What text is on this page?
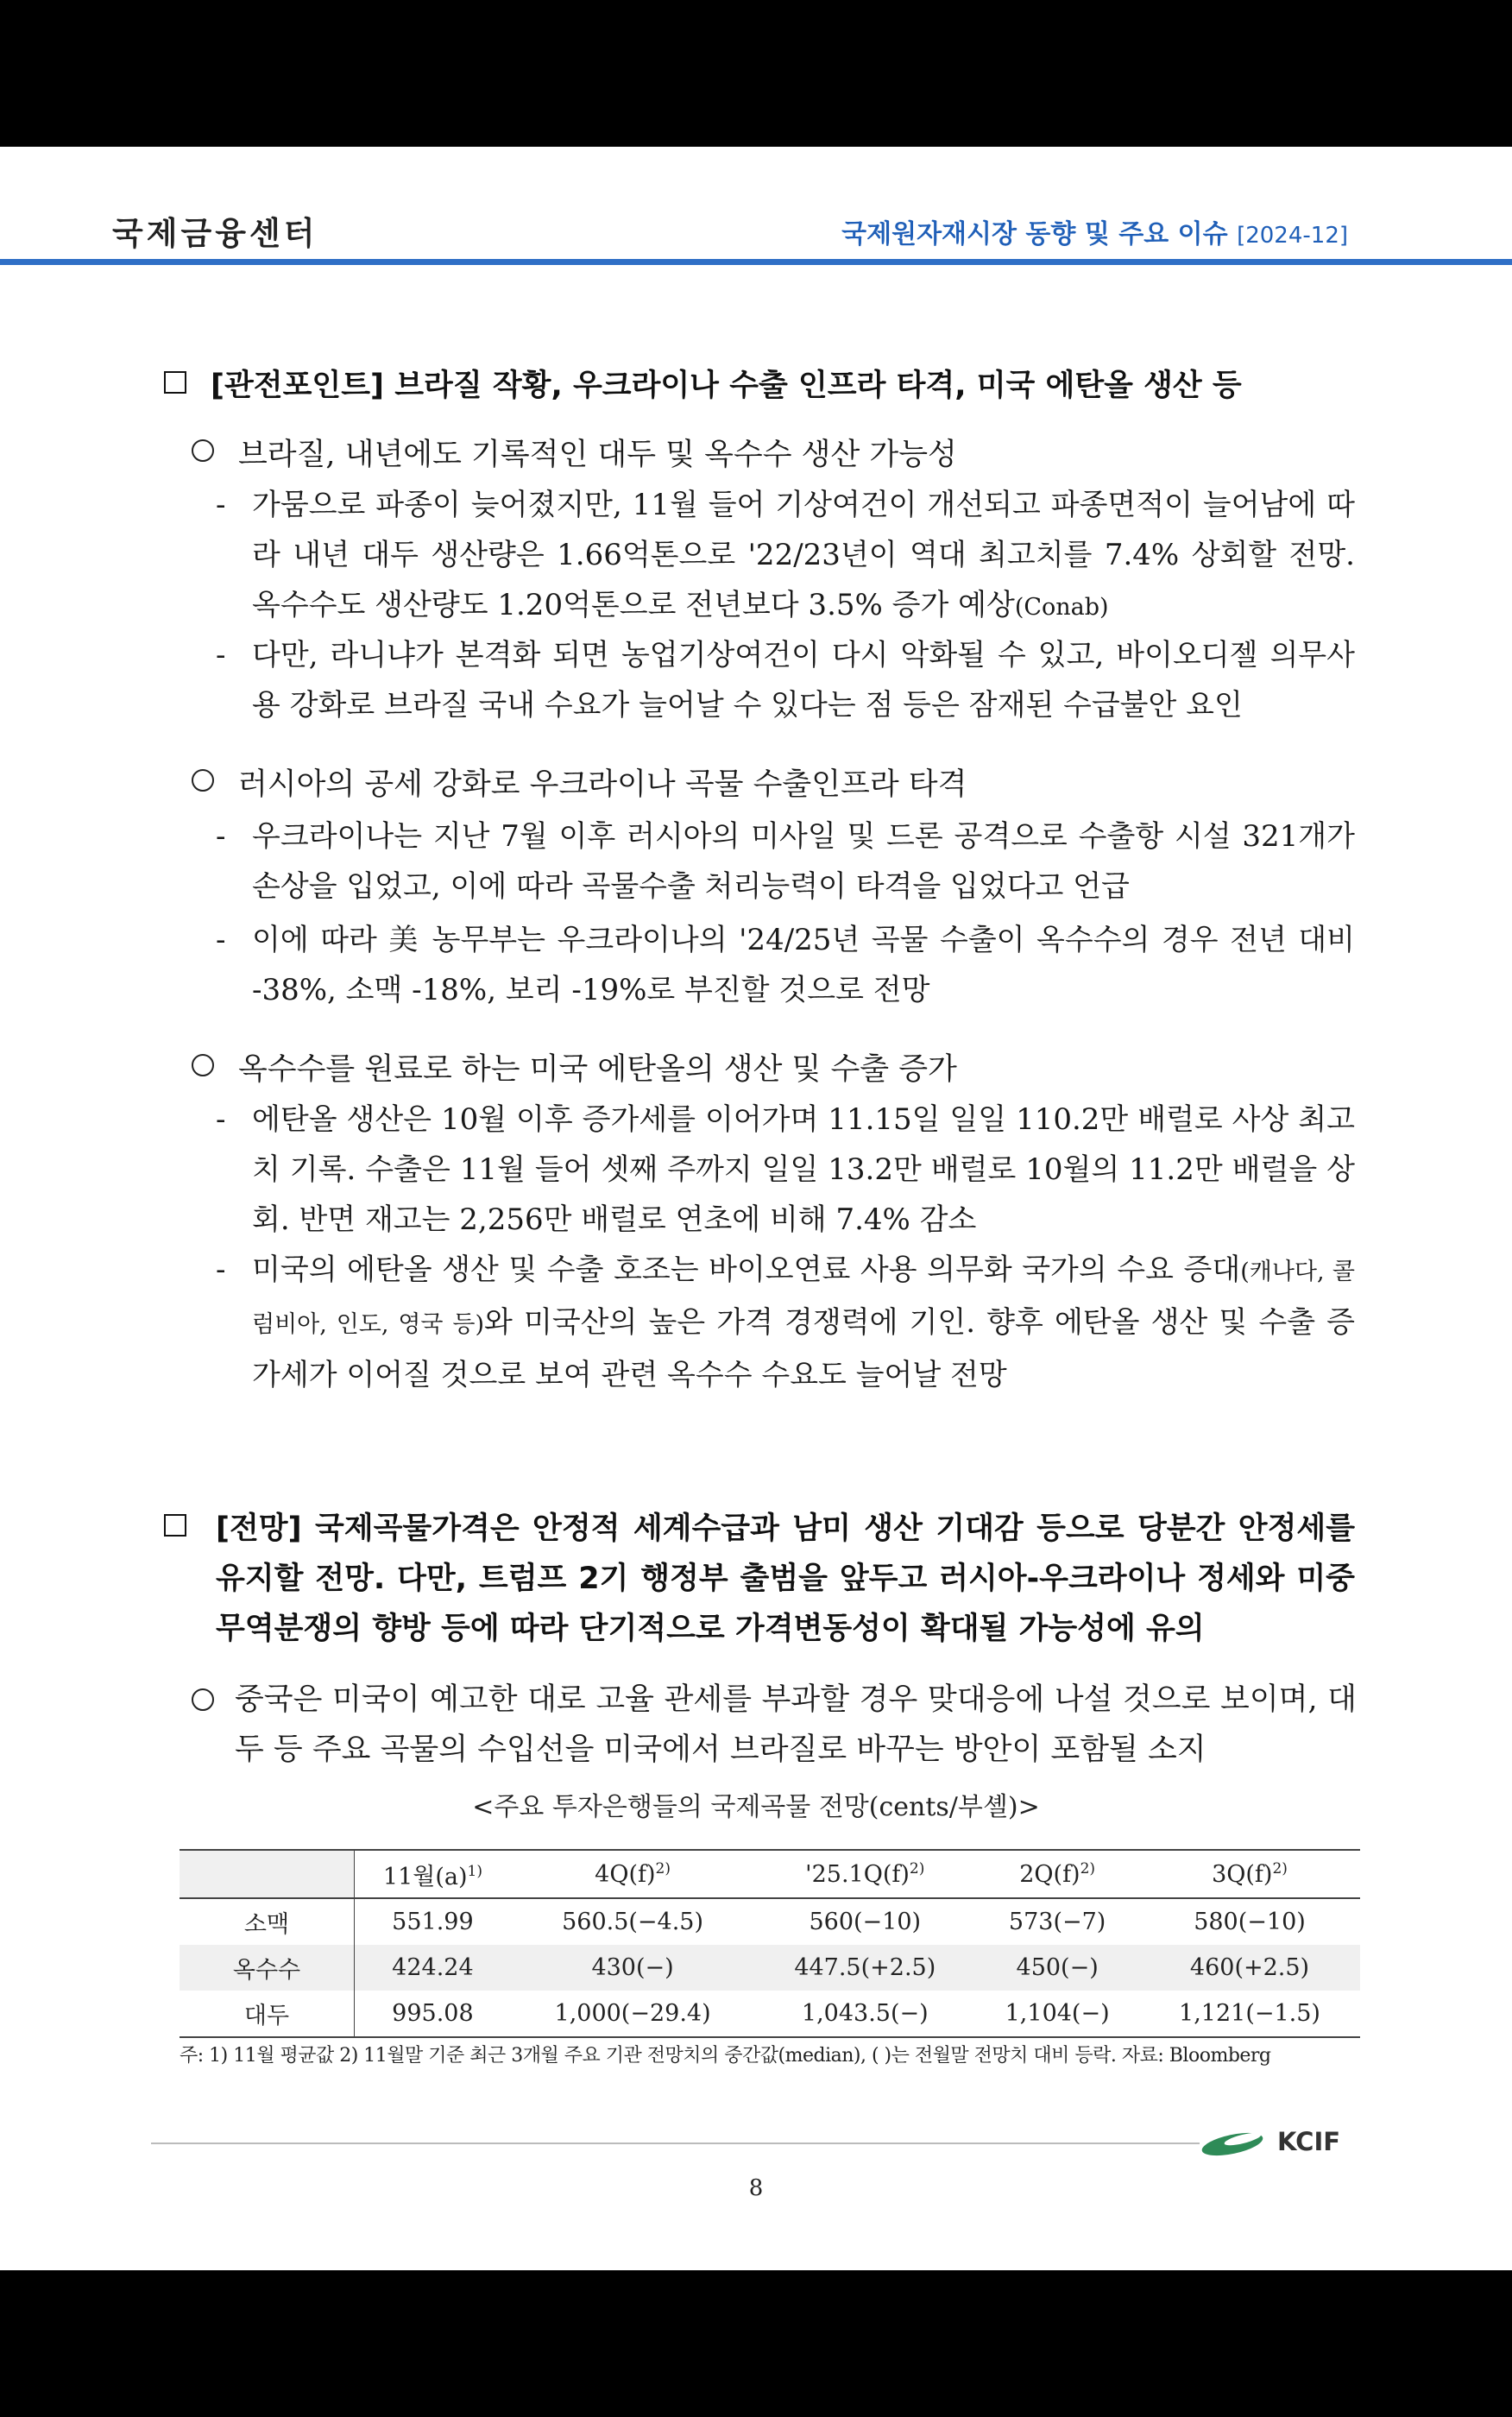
국제금융센터	국제원자재시장 동향 및 주요 이슈 [2024-12]
[관전포인트] 브라질 작황, 우크라이나 수출 인프라 타격, 미국 에탄올 생산 등
브라질, 내년에도 기록적인 대두 및 옥수수 생산 가능성
- 가뭄으로 파종이 늦어졌지만, 11월 들어 기상여건이 개선되고 파종면적이 늘어남에 따라 내년 대두 생산량은 1.66억톤으로 '22/23년이 역대 최고치를 7.4% 상회할 전망. 옥수수도 생산량도 1.20억톤으로 전년보다 3.5% 증가 예상(Conab)
- 다만, 라니냐가 본격화 되면 농업기상여건이 다시 악화될 수 있고, 바이오디젤 의무사용 강화로 브라질 국내 수요가 늘어날 수 있다는 점 등은 잠재된 수급불안 요인
러시아의 공세 강화로 우크라이나 곡물 수출인프라 타격
- 우크라이나는 지난 7월 이후 러시아의 미사일 및 드론 공격으로 수출항 시설 321개가 손상을 입었고, 이에 따라 곡물수출 처리능력이 타격을 입었다고 언급
- 이에 따라 美 농무부는 우크라이나의 '24/25년 곡물 수출이 옥수수의 경우 전년 대비 -38%, 소맥 -18%, 보리 -19%로 부진할 것으로 전망
옥수수를 원료로 하는 미국 에탄올의 생산 및 수출 증가
- 에탄올 생산은 10월 이후 증가세를 이어가며 11.15일 일일 110.2만 배럴로 사상 최고치 기록. 수출은 11월 들어 셋째 주까지 일일 13.2만 배럴로 10월의 11.2만 배럴을 상회. 반면 재고는 2,256만 배럴로 연초에 비해 7.4% 감소
- 미국의 에탄올 생산 및 수출 호조는 바이오연료 사용 의무화 국가의 수요 증대(캐나다, 콜럼비아, 인도, 영국 등)와 미국산의 높은 가격 경쟁력에 기인. 향후 에탄올 생산 및 수출 증가세가 이어질 것으로 보여 관련 옥수수 수요도 늘어날 전망
[전망] 국제곡물가격은 안정적 세계수급과 남미 생산 기대감 등으로 당분간 안정세를 유지할 전망. 다만, 트럼프 2기 행정부 출범을 앞두고 러시아-우크라이나 정세와 미중 무역분쟁의 향방 등에 따라 단기적으로 가격변동성이 확대될 가능성에 유의
중국은 미국이 예고한 대로 고율 관세를 부과할 경우 맞대응에 나설 것으로 보이며, 대두 등 주요 곡물의 수입선을 미국에서 브라질로 바꾸는 방안이 포함될 소지
<주요 투자은행들의 국제곡물 전망(cents/부셸)>
	11월$(a)^{1)}$	$4Q(f)^{2)}$	'$25.1Q(f)^{2)}$	$2Q(f)^{2)}$	$3Q(f)^{2)}$
소맥	551.99	560.5(−4.5)	560(−10)	573(−7)	580(−10)
옥수수	424.24	430(−)	447.5(+2.5)	450(−)	460(+2.5)
대두	995.08	1,000(−29.4)	1,043.5(−)	1,104(−)	1,121(−1.5)
주: 1) 11월 평균값 2) 11월말 기준 최근 3개월 주요 기관 전망치의 중간값(median), ( )는 전월말 전망치 대비 등락. 자료: Bloomberg
KCIF
8
